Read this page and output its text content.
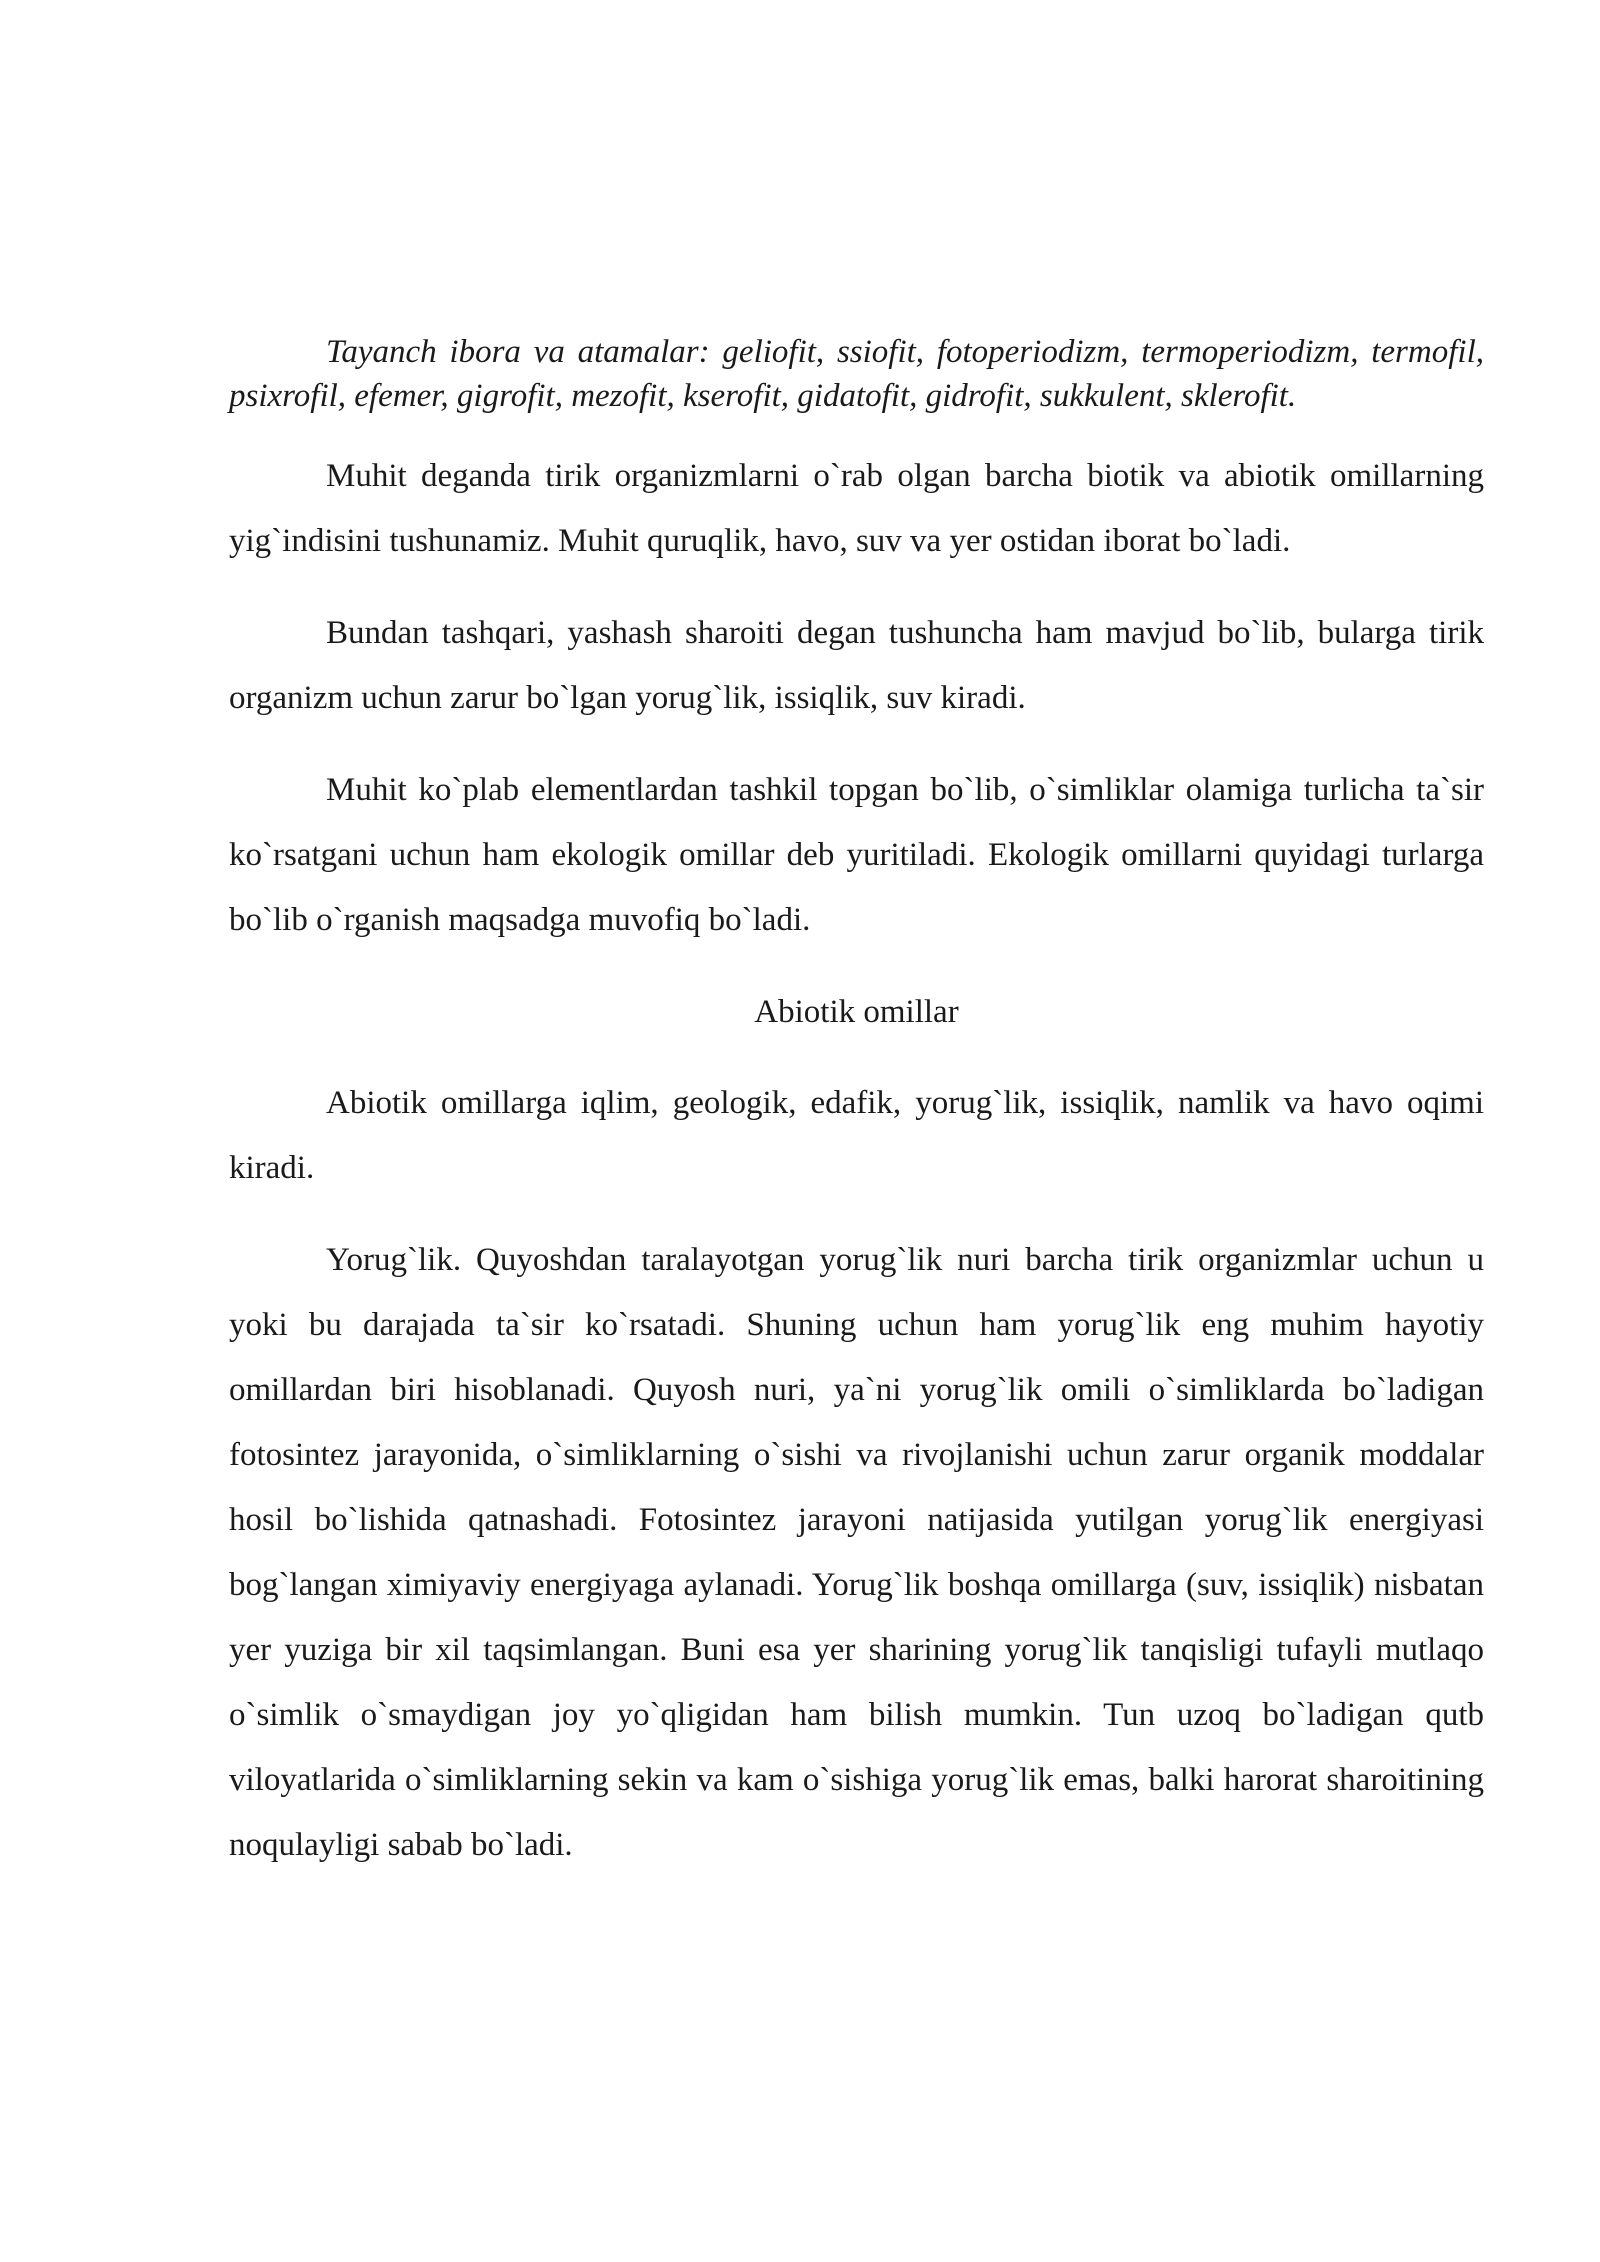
Tayanch ibora va atamalar: geliofit, ssiofit, fotoperiodizm, termoperiodizm, termofil, psixrofil, efemer, gigrofit, mezofit, kserofit, gidatofit, gidrofit, sukkulent, sklerofit.

Muhit deganda tirik organizmlarni o`rab olgan barcha biotik va abiotik omillarning yig`indisini tushunamiz. Muhit quruqlik, havo, suv va yer ostidan iborat bo`ladi.

Bundan tashqari, yashash sharoiti degan tushuncha ham mavjud bo`lib, bularga tirik organizm uchun zarur bo`lgan yorug`lik, issiqlik, suv kiradi.

Muhit ko`plab elementlardan tashkil topgan bo`lib, o`simliklar olamiga turlicha ta`sir ko`rsatgani uchun ham ekologik omillar deb yuritiladi. Ekologik omillarni quyidagi turlarga bo`lib o`rganish maqsadga muvofiq bo`ladi.

Abiotik omillar

Abiotik omillarga iqlim, geologik, edafik, yorug`lik, issiqlik, namlik va havo oqimi kiradi.

Yorug`lik. Quyoshdan taralayotgan yorug`lik nuri barcha tirik organizmlar uchun u yoki bu darajada ta`sir ko`rsatadi. Shuning uchun ham yorug`lik eng muhim hayotiy omillardan biri hisoblanadi. Quyosh nuri, ya`ni yorug`lik omili o`simliklarda bo`ladigan fotosintez jarayonida, o`simliklarning o`sishi va rivojlanishi uchun zarur organik moddalar hosil bo`lishida qatnashadi. Fotosintez jarayoni natijasida yutilgan yorug`lik energiyasi bog`langan ximiyaviy energiyaga aylanadi. Yorug`lik boshqa omillarga (suv, issiqlik) nisbatan yer yuziga bir xil taqsimlangan. Buni esa yer sharining yorug`lik tanqisligi tufayli mutlaqo o`simlik o`smaydigan joy yo`qligidan ham bilish mumkin. Tun uzoq bo`ladigan qutb viloyatlarida o`simliklarning sekin va kam o`sishiga yorug`lik emas, balki harorat sharoitining noqulayligi sabab bo`ladi.
